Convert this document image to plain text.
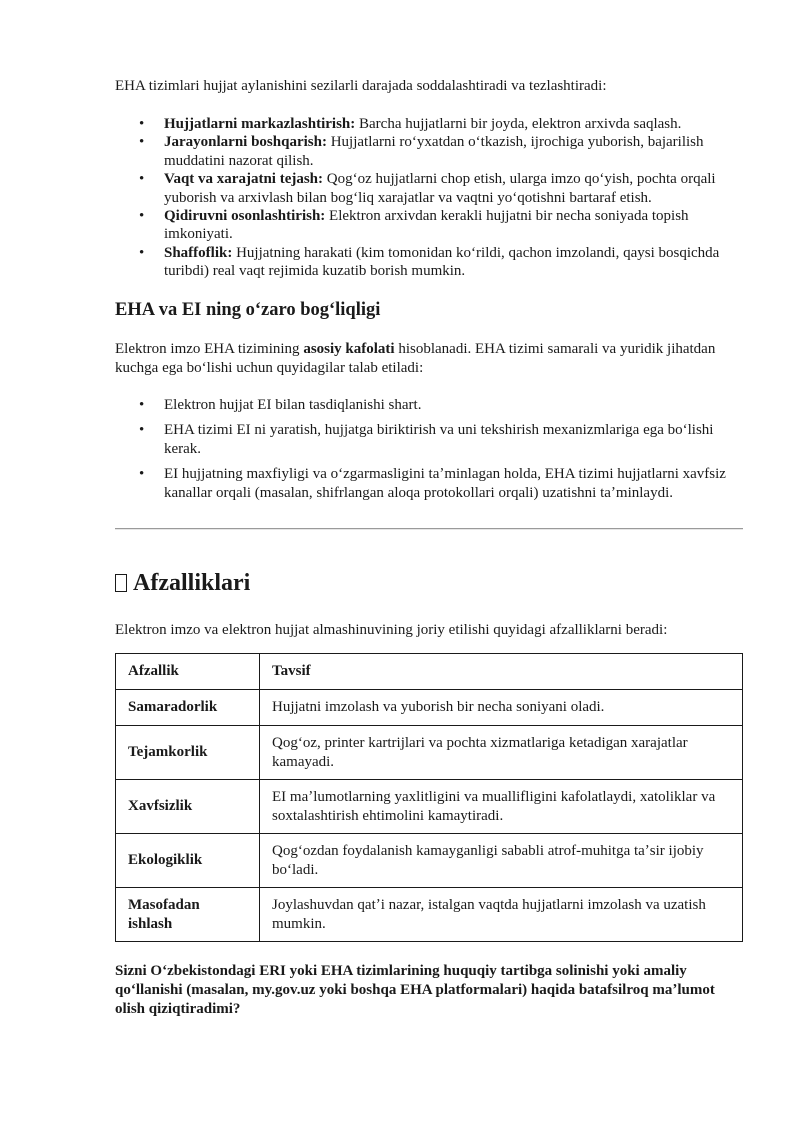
EHA tizimlari hujjat aylanishini sezilarli darajada soddalashtiradi va tezlashtiradi:
• Hujjatlarni markazlashtirish: Barcha hujjatlarni bir joyda, elektron arxivda saqlash.
• Jarayonlarni boshqarish: Hujjatlarni roʻyxatdan oʻtkazish, ijrochiga yuborish, bajarilish muddatini nazorat qilish.
• Vaqt va xarajatni tejash: Qogʻoz hujjatlarni chop etish, ularga imzo qoʻyish, pochta orqali yuborish va arxivlash bilan bogʻliq xarajatlar va vaqtni yoʻqotishni bartaraf etish.
• Qidiruvni osonlashtirish: Elektron arxivdan kerakli hujjatni bir necha soniyada topish imkoniyati.
• Shaffoflik: Hujjatning harakati (kim tomonidan koʻrildi, qachon imzolandi, qaysi bosqichda turibdi) real vaqt rejimida kuzatib borish mumkin.
EHA va EI ning oʻzaro bogʻliqligi
Elektron imzo EHA tizimining asosiy kafolati hisoblanadi. EHA tizimi samarali va yuridik jihatdan kuchga ega boʻlishi uchun quyidagilar talab etiladi:
• Elektron hujjat EI bilan tasdiqlanishi shart.
• EHA tizimi EI ni yaratish, hujjatga biriktirish va uni tekshirish mexanizmlariga ega boʻlishi kerak.
• EI hujjatning maxfiyligi va oʻzgarmasligini taʼminlagan holda, EHA tizimi hujjatlarni xavfsiz kanallar orqali (masalan, shifrlangan aloqa protokollari orqali) uzatishni taʼminlaydi.
Afzalliklari
Elektron imzo va elektron hujjat almashinuvining joriy etilishi quyidagi afzalliklarni beradi:
Afzallik	Tavsif
Samaradorlik	Hujjatni imzolash va yuborish bir necha soniyani oladi.
Tejamkorlik	Qogʻoz, printer kartrijlari va pochta xizmatlariga ketadigan xarajatlar kamayadi.
Xavfsizlik	EI maʼlumotlarning yaxlitligini va muallifligini kafolatlaydi, xatoliklar va soxtalashtirish ehtimolini kamaytiradi.
Ekologiklik	Qogʻozdan foydalanish kamayganligi sababli atrof-muhitga taʼsir ijobiy boʻladi.
Masofadan ishlash	Joylashuvdan qatʼi nazar, istalgan vaqtda hujjatlarni imzolash va uzatish mumkin.
Sizni Oʻzbekistondagi ERI yoki EHA tizimlarining huquqiy tartibga solinishi yoki amaliy qoʻllanishi (masalan, my.gov.uz yoki boshqa EHA platformalari) haqida batafsilroq maʼlumot olish qiziqtiradimi?
